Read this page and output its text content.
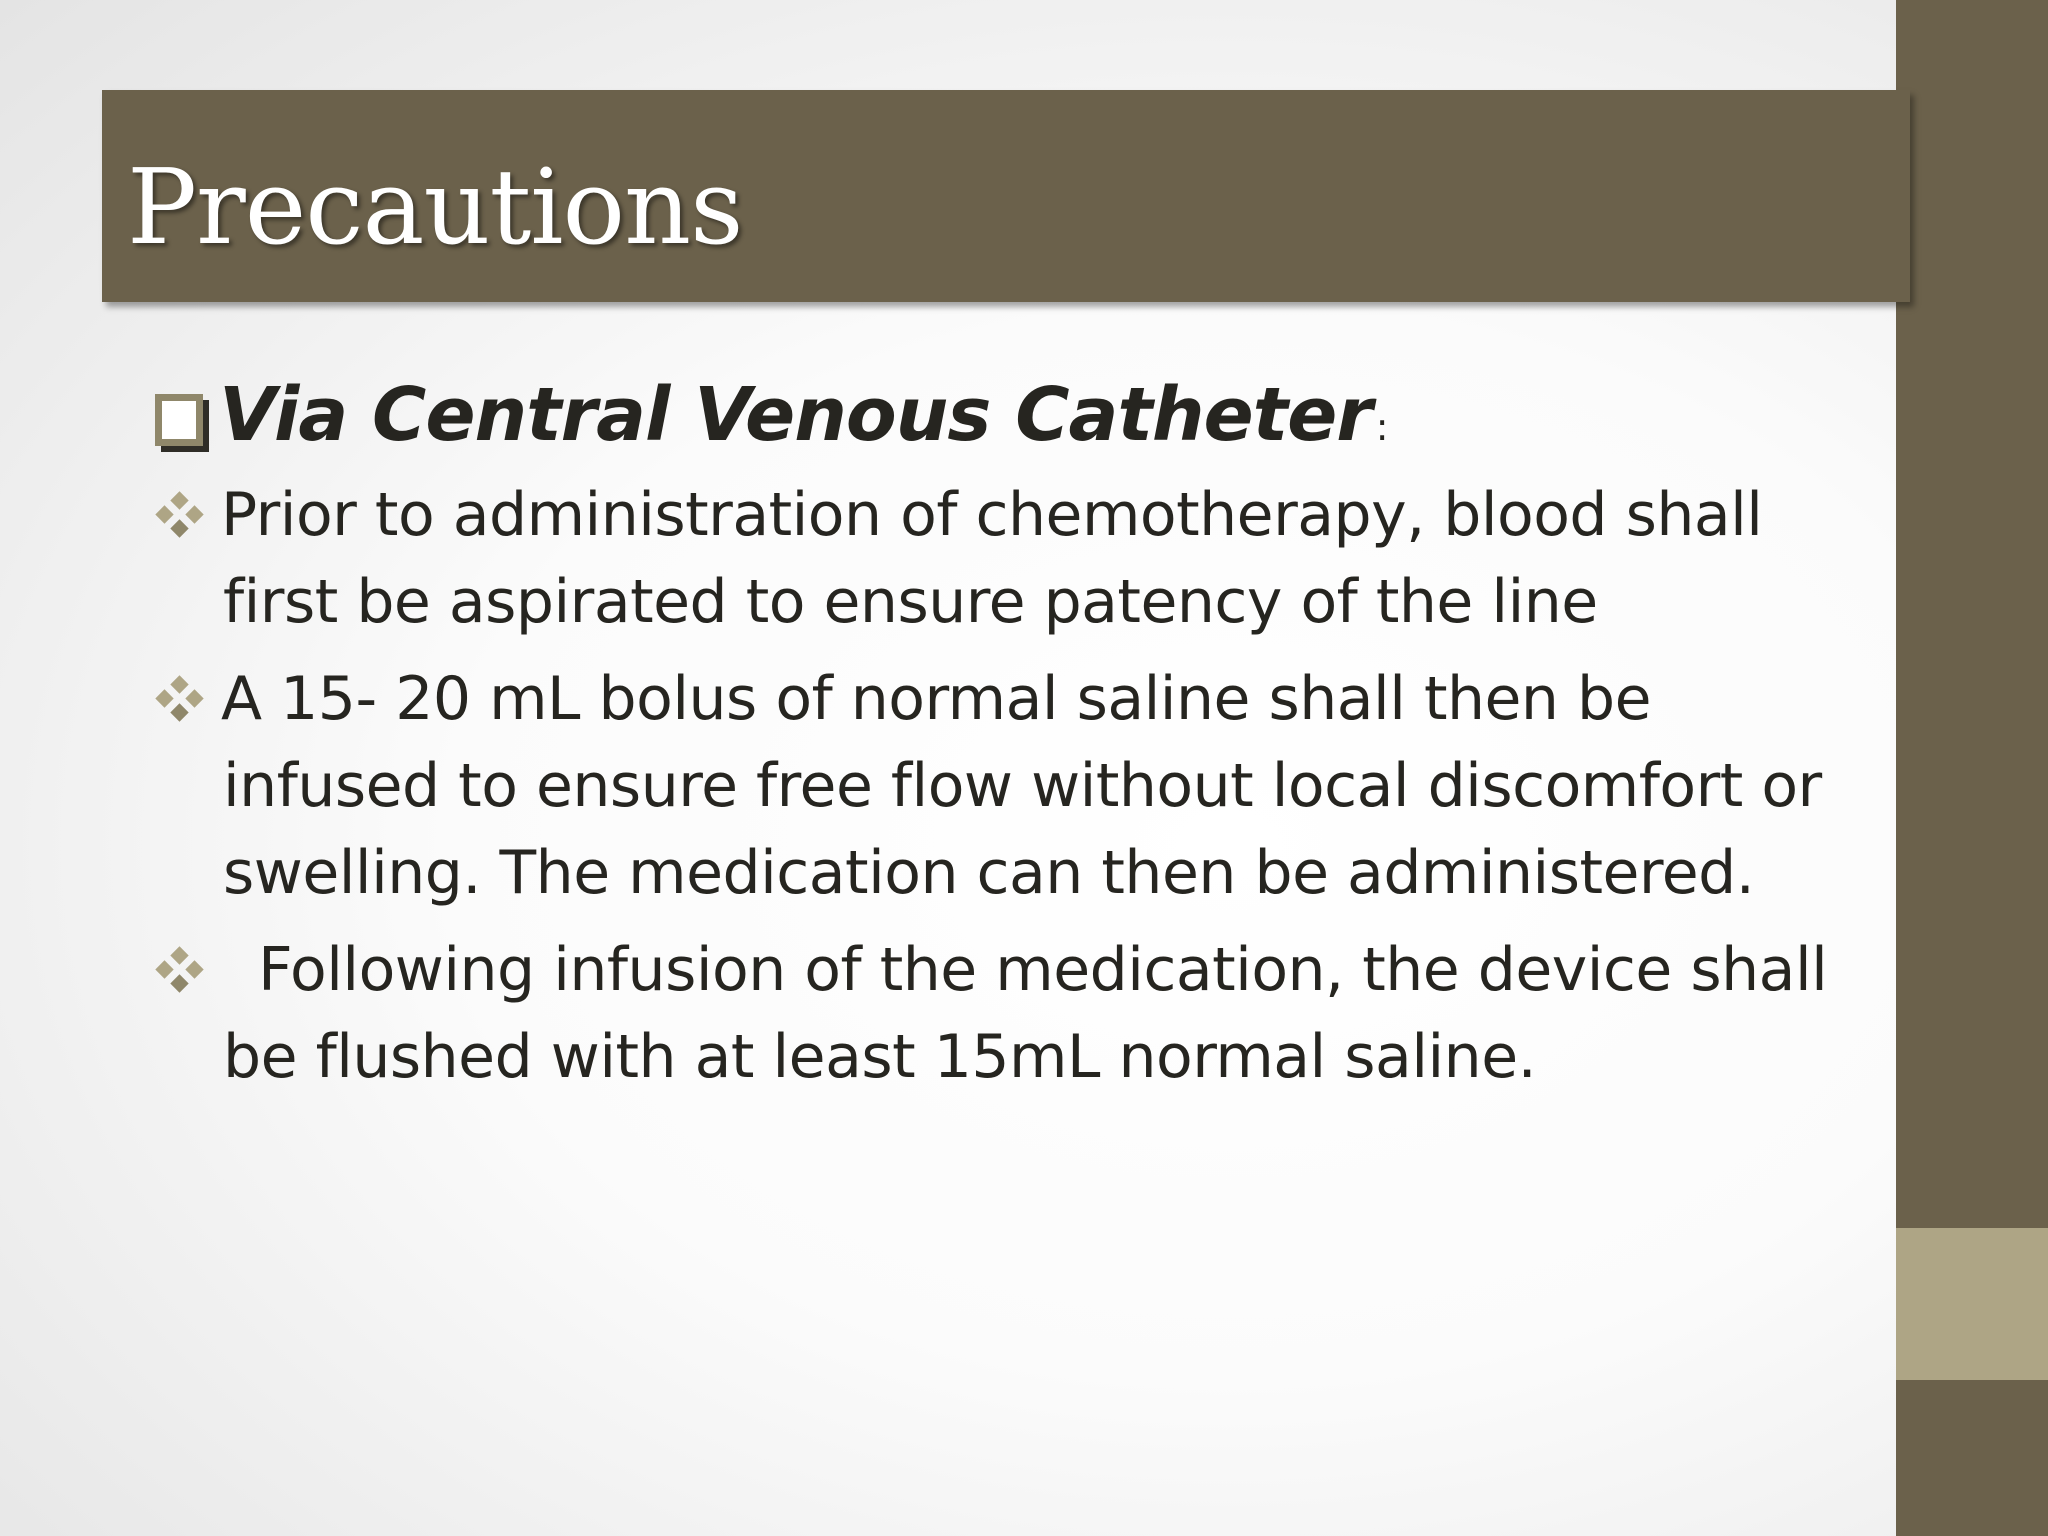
Precautions
Via Central Venous Catheter :
Prior to administration of chemotherapy, blood shall first be aspirated to ensure patency of the line
A 15- 20 mL bolus of normal saline shall then be infused to ensure free flow without local discomfort or swelling. The medication can then be administered.
Following infusion of the medication, the device shall be flushed with at least 15mL normal saline.
